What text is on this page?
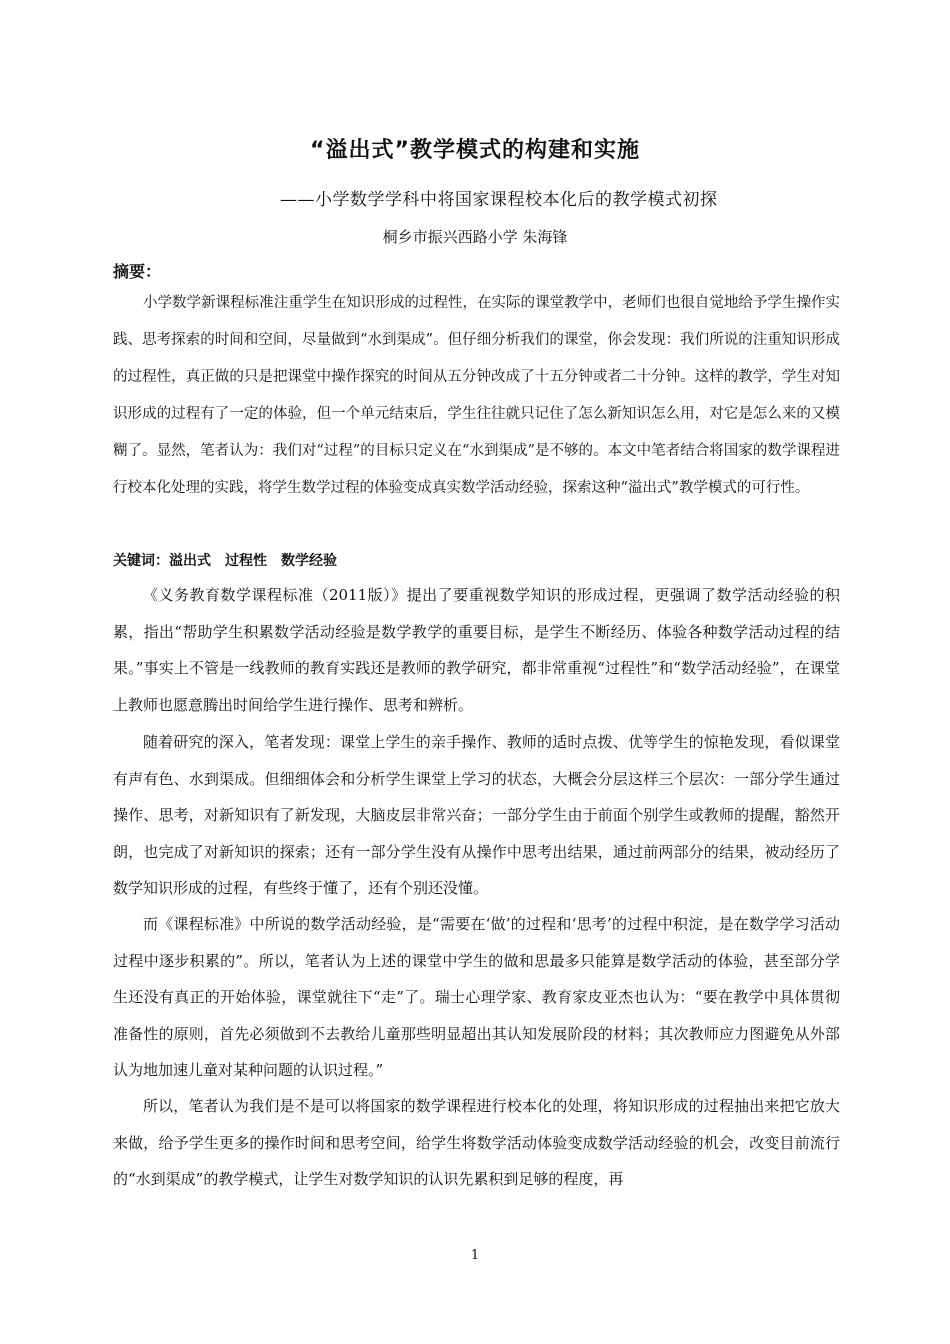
“溢出式”教学模式的构建和实施
——小学数学学科中将国家课程校本化后的教学模式初探
桐乡市振兴西路小学 朱海锋
摘要：

小学数学新课程标准注重学生在知识形成的过程性，在实际的课堂教学中，老师们也很自觉地给予学生操作实践、思考探索的时间和空间，尽量做到“水到渠成”。但仔细分析我们的课堂，你会发现：我们所说的注重知识形成的过程性，真正做的只是把课堂中操作探究的时间从五分钟改成了十五分钟或者二十分钟。这样的教学，学生对知识形成的过程有了一定的体验，但一个单元结束后，学生往往就只记住了怎么新知识怎么用，对它是怎么来的又模糊了。显然，笔者认为：我们对“过程”的目标只定义在“水到渠成”是不够的。本文中笔者结合将国家的数学课程进行校本化处理的实践，将学生数学过程的体验变成真实数学活动经验，探索这种“溢出式”教学模式的可行性。

关键词：溢出式 过程性 数学经验

《义务教育数学课程标准（2011版）》提出了要重视数学知识的形成过程，更强调了数学活动经验的积累，指出“帮助学生积累数学活动经验是数学教学的重要目标，是学生不断经历、体验各种数学活动过程的结果。”事实上不管是一线教师的教育实践还是教师的教学研究，都非常重视“过程性”和“数学活动经验”，在课堂上教师也愿意腾出时间给学生进行操作、思考和辨析。

随着研究的深入，笔者发现：课堂上学生的亲手操作、教师的适时点拨、优等学生的惊艳发现，看似课堂有声有色、水到渠成。但细细体会和分析学生课堂上学习的状态，大概会分层这样三个层次：一部分学生通过操作、思考，对新知识有了新发现，大脑皮层非常兴奋；一部分学生由于前面个别学生或教师的提醒，豁然开朗，也完成了对新知识的探索；还有一部分学生没有从操作中思考出结果，通过前两部分的结果，被动经历了数学知识形成的过程，有些终于懂了，还有个别还没懂。

而《课程标准》中所说的数学活动经验，是“需要在‘做’的过程和‘思考’的过程中积淀，是在数学学习活动过程中逐步积累的”。所以，笔者认为上述的课堂中学生的做和思最多只能算是数学活动的体验，甚至部分学生还没有真正的开始体验，课堂就往下“走”了。瑞士心理学家、教育家皮亚杰也认为：“要在教学中具体贯彻准备性的原则，首先必须做到不去教给儿童那些明显超出其认知发展阶段的材料；其次教师应力图避免从外部认为地加速儿童对某种问题的认识过程。”

所以，笔者认为我们是不是可以将国家的数学课程进行校本化的处理，将知识形成的过程抽出来把它放大来做，给予学生更多的操作时间和思考空间，给学生将数学活动体验变成数学活动经验的机会，改变目前流行的“水到渠成”的教学模式，让学生对数学知识的认识先累积到足够的程度，再

1
